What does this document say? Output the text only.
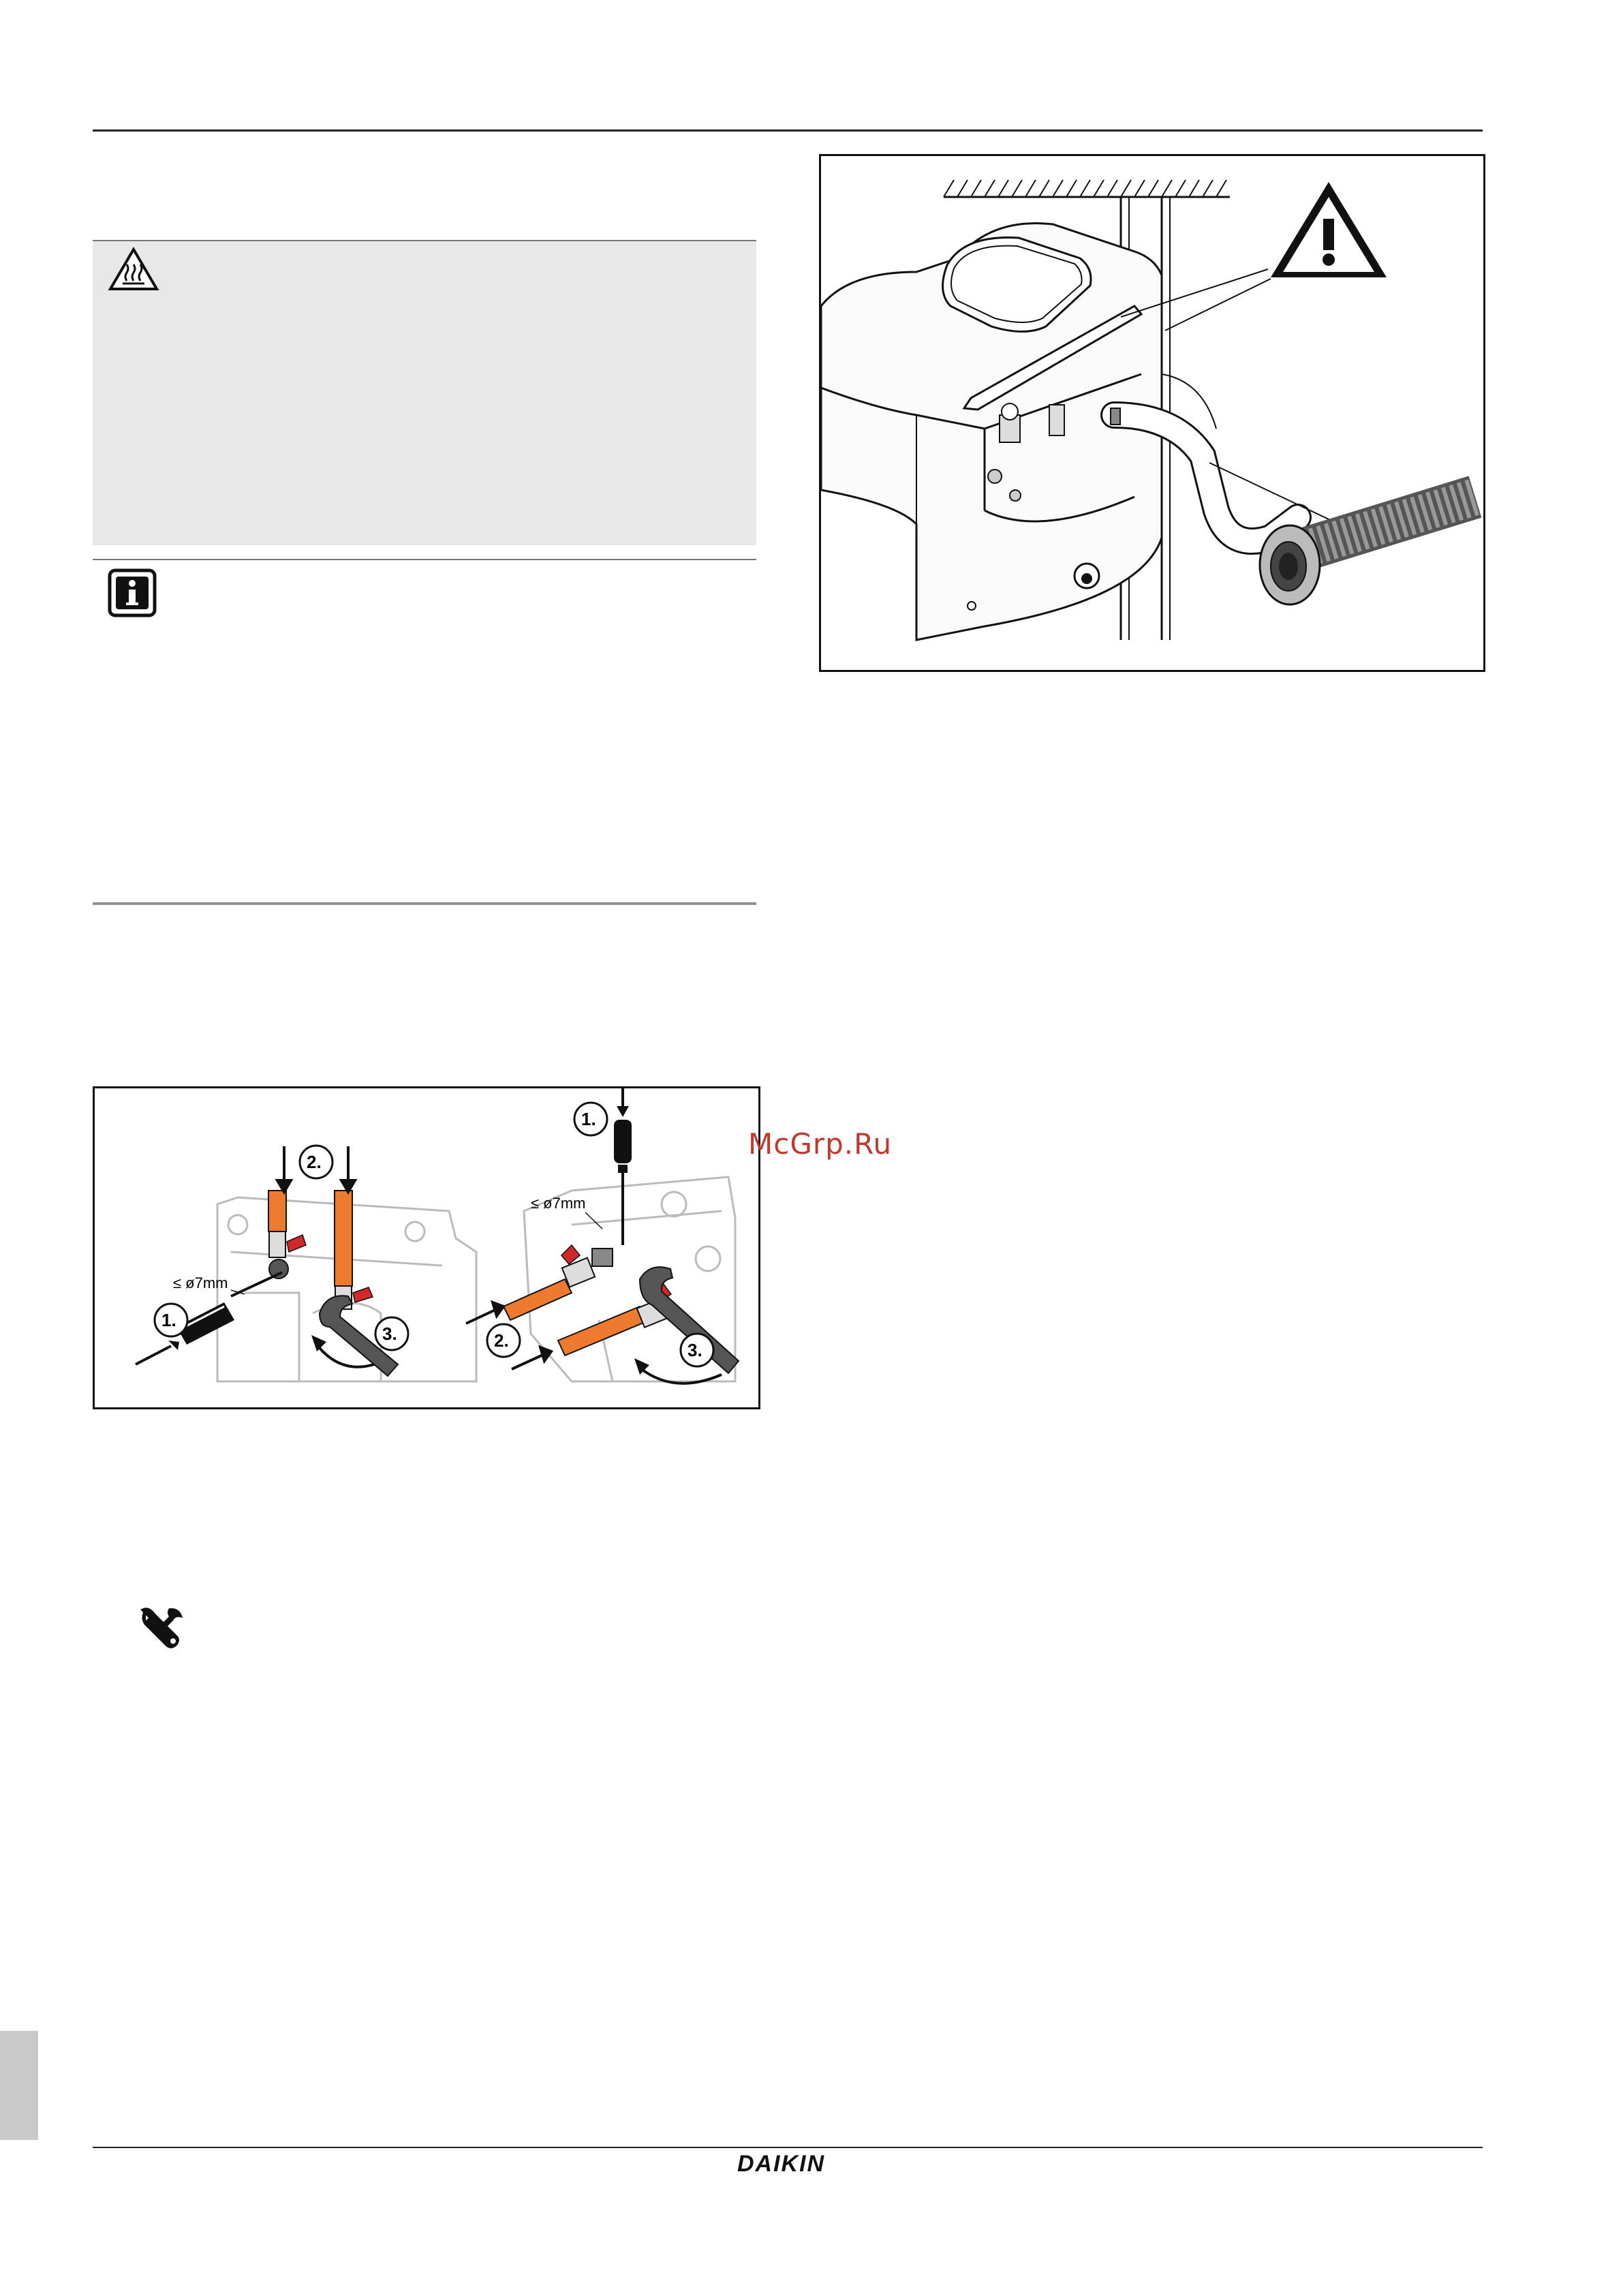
2.
≤ ø7mm
1.
3.
1.
≤ ø7mm
2.	3.
McGrp.Ru
DAIKIN
